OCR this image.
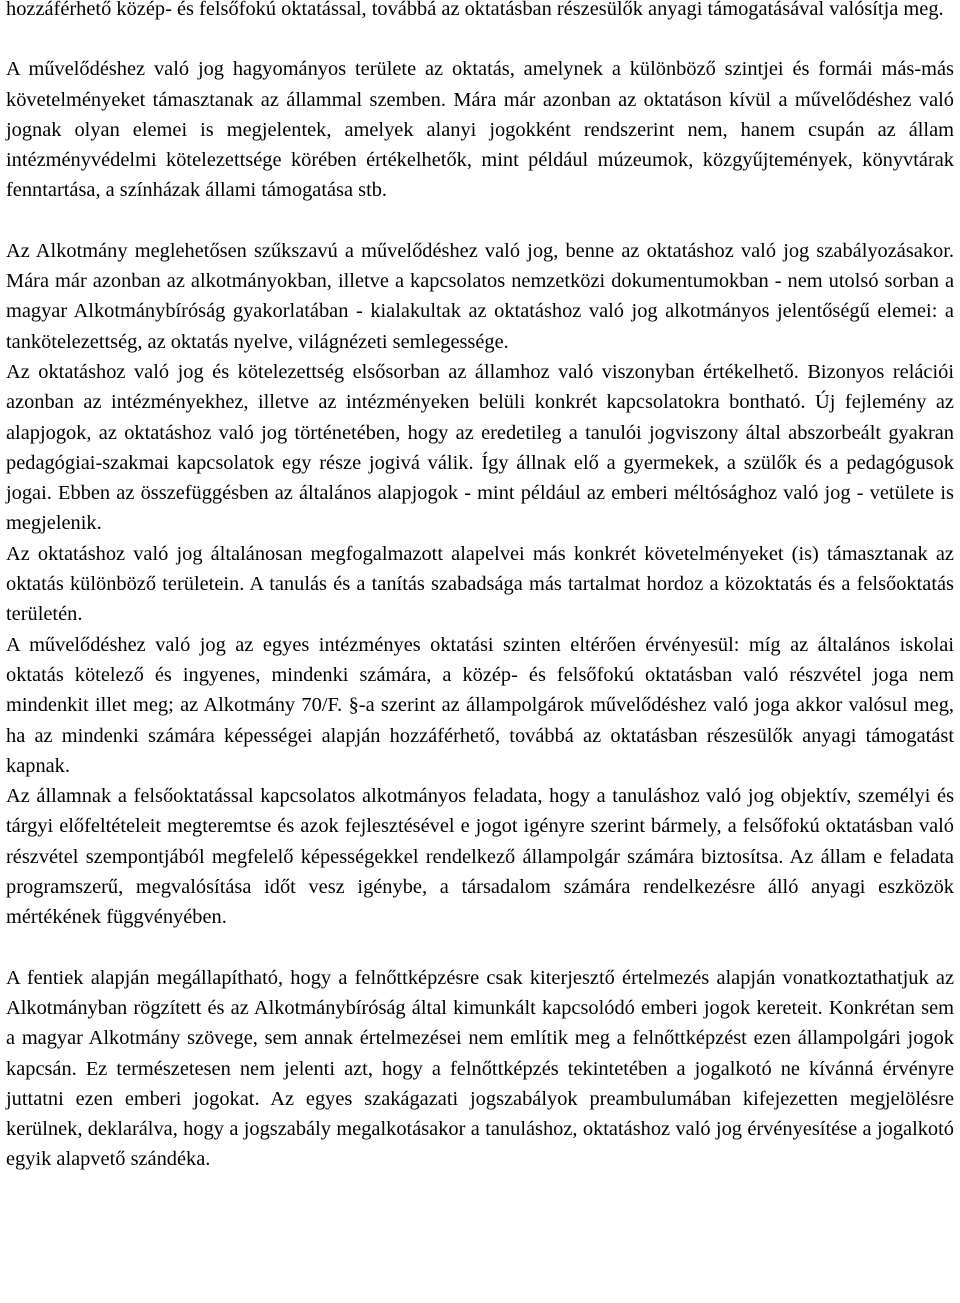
hozzáférhető közép- és felsőfokú oktatással, továbbá az oktatásban részesülők anyagi támogatásával valósítja meg.

A művelődéshez való jog hagyományos területe az oktatás, amelynek a különböző szintjei és formái más-más követelményeket támasztanak az állammal szemben. Mára már azonban az oktatáson kívül a művelődéshez való jognak olyan elemei is megjelentek, amelyek alanyi jogokként rendszerint nem, hanem csupán az állam intézményvédelmi kötelezettsége körében értékelhetők, mint például múzeumok, közgyűjtemények, könyvtárak fenntartása, a színházak állami támogatása stb.

Az Alkotmány meglehetősen szűkszavú a művelődéshez való jog, benne az oktatáshoz való jog szabályozásakor. Mára már azonban az alkotmányokban, illetve a kapcsolatos nemzetközi dokumentumokban - nem utolsó sorban a magyar Alkotmánybíróság gyakorlatában - kialakultak az oktatáshoz való jog alkotmányos jelentőségű elemei: a tankötelezettség, az oktatás nyelve, világnézeti semlegessége.

Az oktatáshoz való jog és kötelezettség elsősorban az államhoz való viszonyban értékelhető. Bizonyos relációi azonban az intézményekhez, illetve az intézményeken belüli konkrét kapcsolatokra bontható. Új fejlemény az alapjogok, az oktatáshoz való jog történetében, hogy az eredetileg a tanulói jogviszony által abszorbeált gyakran pedagógiai-szakmai kapcsolatok egy része jogivá válik. Így állnak elő a gyermekek, a szülők és a pedagógusok jogai. Ebben az összefüggésben az általános alapjogok - mint például az emberi méltósághoz való jog - vetülete is megjelenik.

Az oktatáshoz való jog általánosan megfogalmazott alapelvei más konkrét követelményeket (is) támasztanak az oktatás különböző területein. A tanulás és a tanítás szabadsága más tartalmat hordoz a közoktatás és a felsőoktatás területén.

A művelődéshez való jog az egyes intézményes oktatási szinten eltérően érvényesül: míg az általános iskolai oktatás kötelező és ingyenes, mindenki számára, a közép- és felsőfokú oktatásban való részvétel joga nem mindenkit illet meg; az Alkotmány 70/F. §-a szerint az állampolgárok művelődéshez való joga akkor valósul meg, ha az mindenki számára képességei alapján hozzáférhető, továbbá az oktatásban részesülők anyagi támogatást kapnak.

Az államnak a felsőoktatással kapcsolatos alkotmányos feladata, hogy a tanuláshoz való jog objektív, személyi és tárgyi előfeltételeit megteremtse és azok fejlesztésével e jogot igényre szerint bármely, a felsőfokú oktatásban való részvétel szempontjából megfelelő képességekkel rendelkező állampolgár számára biztosítsa. Az állam e feladata programszerű, megvalósítása időt vesz igénybe, a társadalom számára rendelkezésre álló anyagi eszközök mértékének függvényében.

A fentiek alapján megállapítható, hogy a felnőttképzésre csak kiterjesztő értelmezés alapján vonatkoztathatjuk az Alkotmányban rögzített és az Alkotmánybíróság által kimunkált kapcsolódó emberi jogok kereteit. Konkrétan sem a magyar Alkotmány szövege, sem annak értelmezései nem említik meg a felnőttképzést ezen állampolgári jogok kapcsán. Ez természetesen nem jelenti azt, hogy a felnőttképzés tekintetében a jogalkotó ne kívánná érvényre juttatni ezen emberi jogokat. Az egyes szakágazati jogszabályok preambulumában kifejezetten megjelölésre kerülnek, deklarálva, hogy a jogszabály megalkotásakor a tanuláshoz, oktatáshoz való jog érvényesítése a jogalkotó egyik alapvető szándéka.
